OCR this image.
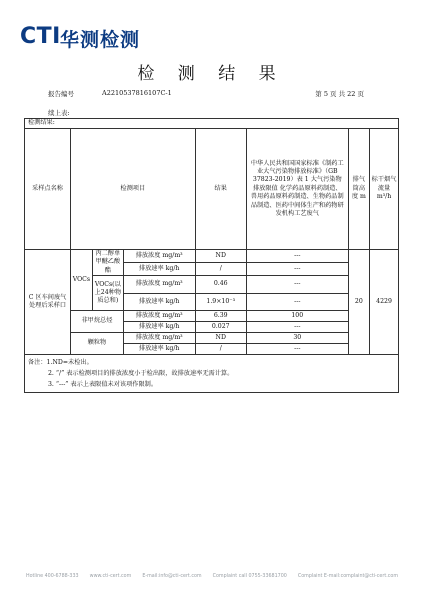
CTI 华测检测
检 测 结 果
报告编号	A2210537816107C-1	第 5 页 共 22 页
续上表:
检测结果:							
采样点名称	检测项目			结果	中华人民共和国国家标准《制药工业大气污染物排放标准》（GB 37823-2019）表 1 大气污染物排放限值 化学药品原料药制造、兽用药品原料药制造、生物药品制品制造、医药中间体生产和药物研发机构工艺废气	排气筒高度 m	标干烟气流量 m³/h
C 区车间废气处理后采样口	VOCs	丙二醇单甲醚乙酸酯	排放浓度 mg/m³	ND	---	20	4229
			排放速率 kg/h	/	---		
		VOCs(以上24种物质总和)	排放浓度 mg/m³	0.46	---		
			排放速率 kg/h	1.9×10⁻³	---		
	非甲烷总烃		排放浓度 mg/m³	6.39	100		
			排放速率 kg/h	0.027	---		
	颗粒物		排放浓度 mg/m³	ND	30		
			排放速率 kg/h	/	---		

备注：1.ND=未检出。
2. “/” 表示检测项目的排放浓度小于检出限，故排放速率无需计算。
3. “---” 表示上表限值未对该项作限制。							
Hotline 400-6788-333 www.cti-cert.com E-mail:info@cti-cert.com Complaint call 0755-33681700 Complaint E-mail:complaint@cti-cert.com
